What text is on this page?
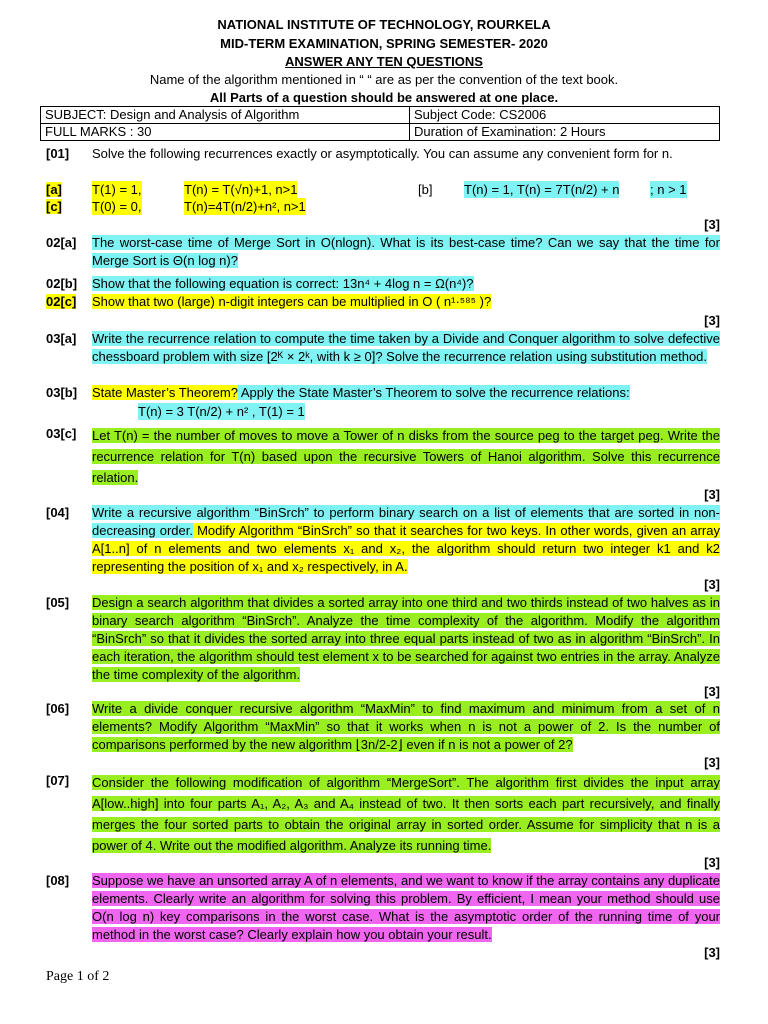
NATIONAL INSTITUTE OF TECHNOLOGY, ROURKELA
MID-TERM EXAMINATION, SPRING SEMESTER- 2020
ANSWER ANY TEN QUESTIONS
Name of the algorithm mentioned in “ “ are as per the convention of the text book.
All Parts of a question should be answered at one place.
SUBJECT: Design and Analysis of Algorithm	Subject Code: CS2006
FULL MARKS : 30	Duration of Examination: 2 Hours
[01] Solve the following recurrences exactly or asymptotically. You can assume any convenient form for n.
[a] T(1) = 1,	T(n) = T(√n)+1, n>1	[b] T(n) = 1, T(n) = 7T(n/2) + n ; n > 1
[c] T(0) = 0,	T(n)=4T(n/2)+n², n>1
[3]
02[a] The worst-case time of Merge Sort in O(nlogn). What is its best-case time? Can we say that the time for Merge Sort is Θ(n log n)?
02[b] Show that the following equation is correct: 13n⁴ + 4log n = Ω(n⁴)?
02[c] Show that two (large) n-digit integers can be multiplied in O ( n¹·⁵⁸⁵ )?
[3]
03[a] Write the recurrence relation to compute the time taken by a Divide and Conquer algorithm to solve defective chessboard problem with size [2ᴷ × 2ᵏ, with k ≥ 0]? Solve the recurrence relation using substitution method.
03[b] State Master’s Theorem? Apply the State Master’s Theorem to solve the recurrence relations:
T(n) = 3 T(n/2) + n² , T(1) = 1
03[c] Let T(n) = the number of moves to move a Tower of n disks from the source peg to the target peg. Write the recurrence relation for T(n) based upon the recursive Towers of Hanoi algorithm. Solve this recurrence relation.
[3]
[04] Write a recursive algorithm “BinSrch” to perform binary search on a list of elements that are sorted in non-decreasing order. Modify Algorithm “BinSrch” so that it searches for two keys. In other words, given an array A[1..n] of n elements and two elements x₁ and x₂, the algorithm should return two integer k1 and k2 representing the position of x₁ and x₂ respectively, in A.
[3]
[05] Design a search algorithm that divides a sorted array into one third and two thirds instead of two halves as in binary search algorithm “BinSrch”. Analyze the time complexity of the algorithm. Modify the algorithm “BinSrch” so that it divides the sorted array into three equal parts instead of two as in algorithm “BinSrch”. In each iteration, the algorithm should test element x to be searched for against two entries in the array. Analyze the time complexity of the algorithm.
[3]
[06] Write a divide conquer recursive algorithm “MaxMin” to find maximum and minimum from a set of n elements? Modify Algorithm “MaxMin” so that it works when n is not a power of 2. Is the number of comparisons performed by the new algorithm ⌊3n/2-2⌋ even if n is not a power of 2?
[3]
[07] Consider the following modification of algorithm “MergeSort”. The algorithm first divides the input array A[low..high] into four parts A₁, A₂, A₃ and A₄ instead of two. It then sorts each part recursively, and finally merges the four sorted parts to obtain the original array in sorted order. Assume for simplicity that n is a power of 4. Write out the modified algorithm. Analyze its running time.
[3]
[08] Suppose we have an unsorted array A of n elements, and we want to know if the array contains any duplicate elements. Clearly write an algorithm for solving this problem. By efficient, I mean your method should use O(n log n) key comparisons in the worst case. What is the asymptotic order of the running time of your method in the worst case? Clearly explain how you obtain your result.
[3]
Page 1 of 2
